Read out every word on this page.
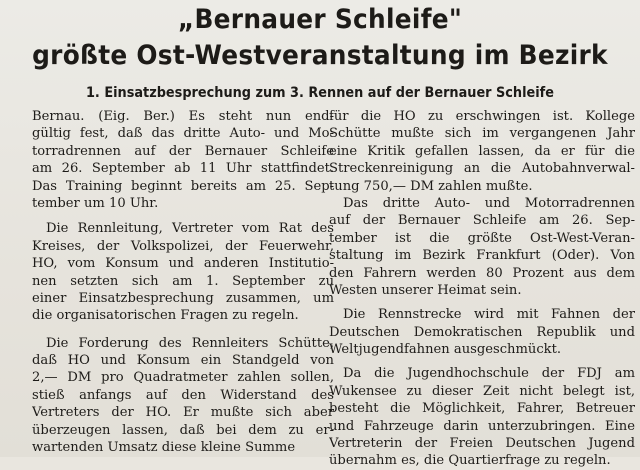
„Bernauer Schleife"
größte Ost-Westveranstaltung im Bezirk
1. Einsatzbesprechung zum 3. Rennen auf der Bernauer Schleife
Bernau. (Eig. Ber.) Es steht nun end-
gültig fest, daß das dritte Auto- und Mo-
torradrennen auf der Bernauer Schleife
am 26. September ab 11 Uhr stattfindet.
Das Training beginnt bereits am 25. Sep-
tember um 10 Uhr.
Die Rennleitung, Vertreter vom Rat des
Kreises, der Volkspolizei, der Feuerwehr,
HO, vom Konsum und anderen Institutio-
nen setzten sich am 1. September zu
einer Einsatzbesprechung zusammen, um
die organisatorischen Fragen zu regeln.
Die Forderung des Rennleiters Schütte,
daß HO und Konsum ein Standgeld von
2,— DM pro Quadratmeter zahlen sollen,
stieß anfangs auf den Widerstand des
Vertreters der HO. Er mußte sich aber
überzeugen lassen, daß bei dem zu er-
wartenden Umsatz diese kleine Summe
für die HO zu erschwingen ist. Kollege
Schütte mußte sich im vergangenen Jahr
eine Kritik gefallen lassen, da er für die
Streckenreinigung an die Autobahnverwal-
tung 750,— DM zahlen mußte.
Das dritte Auto- und Motorradrennen
auf der Bernauer Schleife am 26. Sep-
tember ist die größte Ost-West-Veran-
staltung im Bezirk Frankfurt (Oder). Von
den Fahrern werden 80 Prozent aus dem
Westen unserer Heimat sein.
Die Rennstrecke wird mit Fahnen der
Deutschen Demokratischen Republik und
Weltjugendfahnen ausgeschmückt.
Da die Jugendhochschule der FDJ am
Wukensee zu dieser Zeit nicht belegt ist,
besteht die Möglichkeit, Fahrer, Betreuer
und Fahrzeuge darin unterzubringen. Eine
Vertreterin der Freien Deutschen Jugend
übernahm es, die Quartierfrage zu regeln.
